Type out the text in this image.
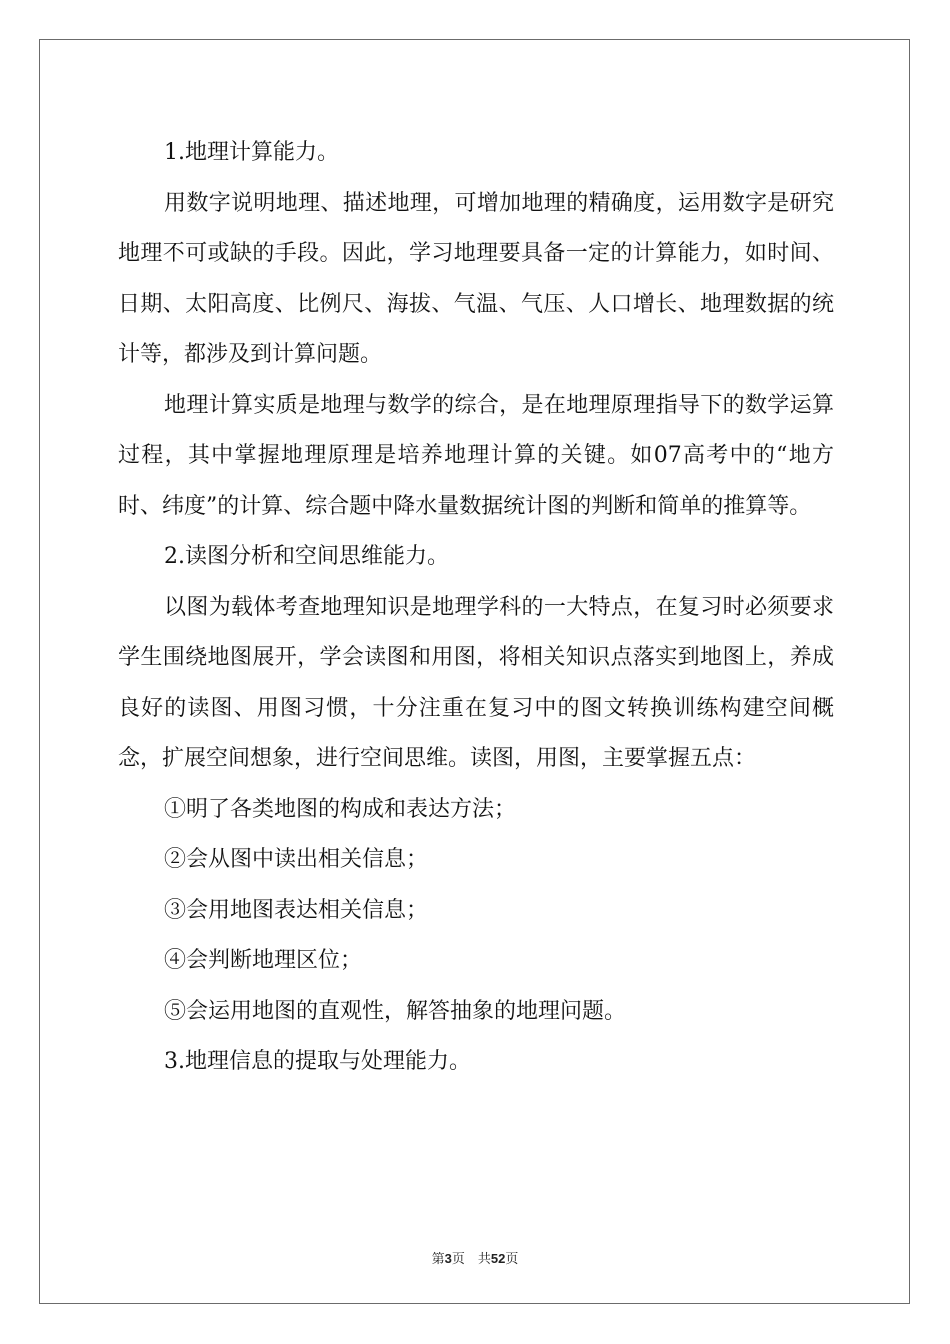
1.地理计算能力。

用数字说明地理、描述地理，可增加地理的精确度，运用数字是研究地理不可或缺的手段。因此，学习地理要具备一定的计算能力，如时间、日期、太阳高度、比例尺、海拔、气温、气压、人口增长、地理数据的统计等，都涉及到计算问题。

地理计算实质是地理与数学的综合，是在地理原理指导下的数学运算过程，其中掌握地理原理是培养地理计算的关键。如07高考中的“地方时、纬度”的计算、综合题中降水量数据统计图的判断和简单的推算等。

2.读图分析和空间思维能力。

以图为载体考查地理知识是地理学科的一大特点，在复习时必须要求学生围绕地图展开，学会读图和用图，将相关知识点落实到地图上，养成良好的读图、用图习惯，十分注重在复习中的图文转换训练构建空间概念，扩展空间想象，进行空间思维。读图，用图，主要掌握五点：

①明了各类地图的构成和表达方法；

②会从图中读出相关信息；

③会用地图表达相关信息；

④会判断地理区位；

⑤会运用地图的直观性，解答抽象的地理问题。

3.地理信息的提取与处理能力。

第3页　共52页
